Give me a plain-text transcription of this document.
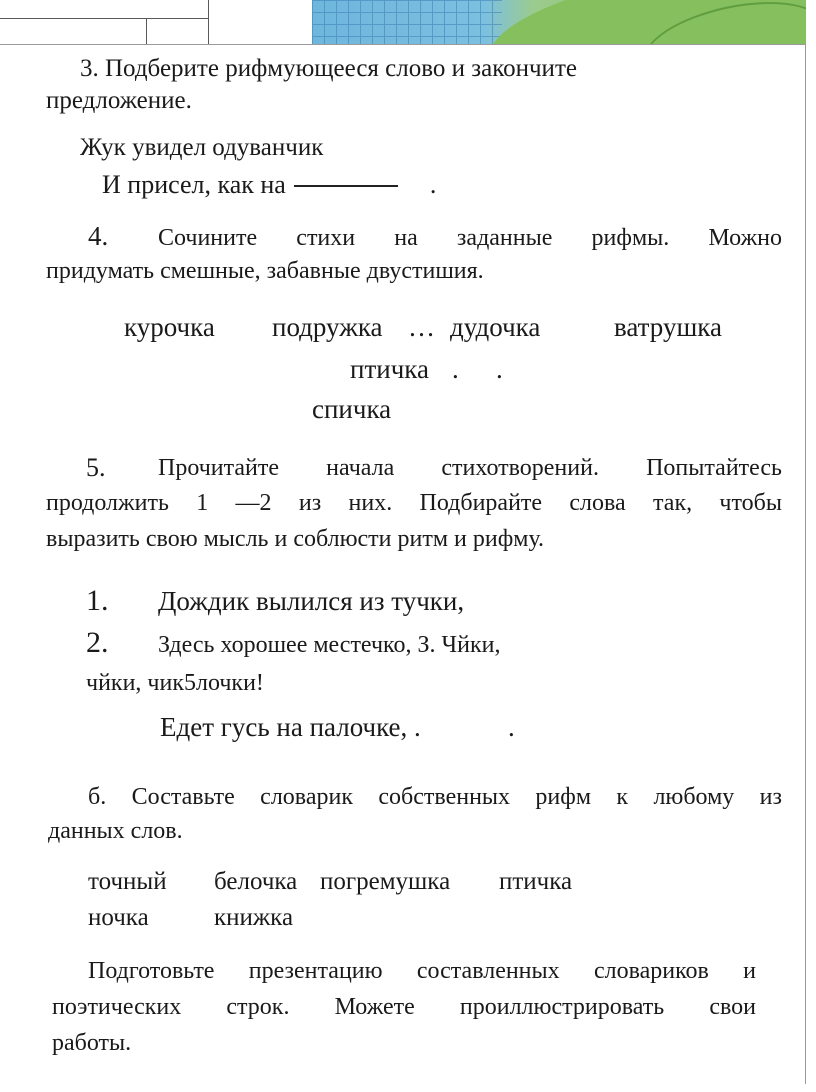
3. Подберите рифмующееся слово и закончите
предложение.
Жук увидел одуванчик
И присел, как на	.
4. Сочините стихи на заданные рифмы. Можно
придумать смешные, забавные двустишия.
курочка подружка … дудочка	ватрушка
птичка . .
спичка
5. Прочитайте начала стихотворений. Попытайтесь
продолжить 1 —2 из них. Подбирайте слова так, чтобы
выразить свою мысль и соблюсти ритм и рифму.
1. Дождик вылился из тучки,
2. Здесь хорошее местечко, З. Чйки,
чйки, чик5лочки!
Едет гусь на палочке, .	.
б. Составьте словарик собственных рифм к любому из
данных слов.
точный белочка погремушка птичка
ночка	книжка
Подготовьте презентацию составленных словариков и
поэтических строк. Можете проиллюстрировать свои
работы.
